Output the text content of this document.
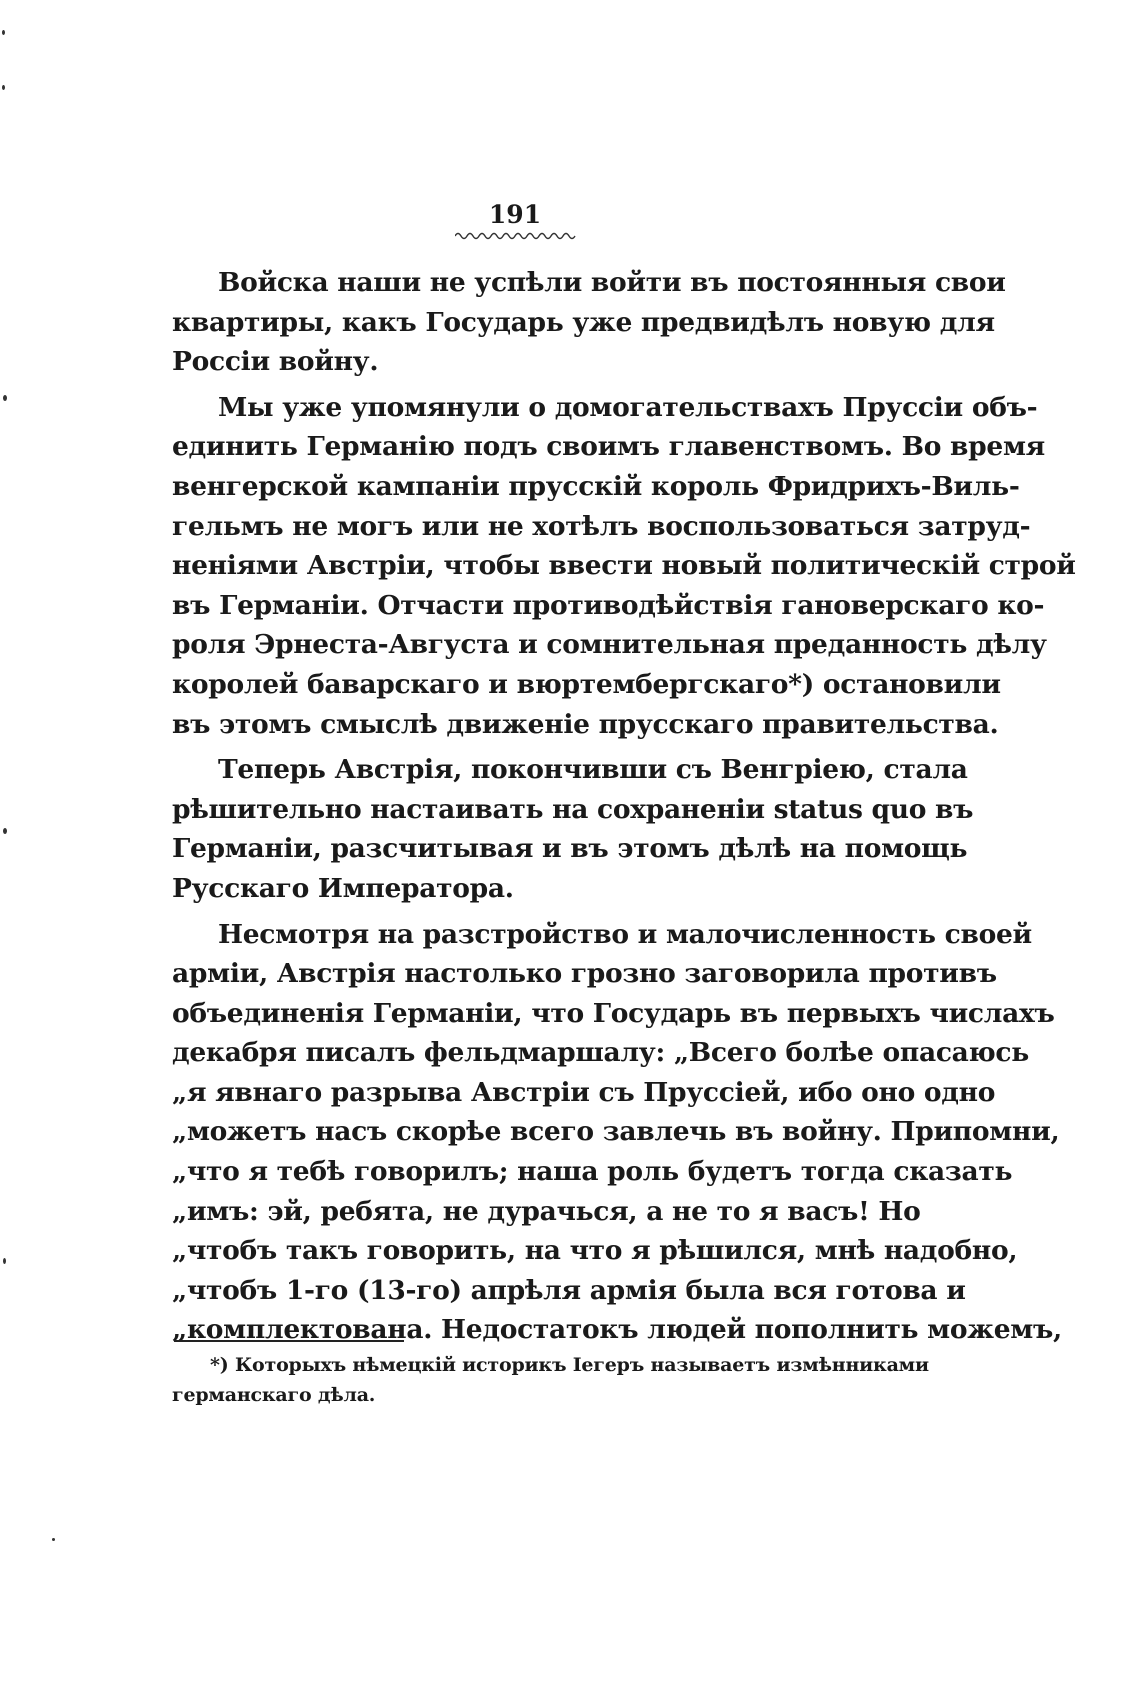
191

Войска наши не успѣли войти въ постоянныя свои
квартиры, какъ Государь уже предвидѣлъ новую для
Россіи войну.

Мы уже упомянули о домогательствахъ Пруссіи объ-
единить Германію подъ своимъ главенствомъ. Во время
венгерской кампаніи прусскій король Фридрихъ-Виль-
гельмъ не могъ или не хотѣлъ воспользоваться затруд-
неніями Австріи, чтобы ввести новый политическій строй
въ Германіи. Отчасти противодѣйствія гановерскаго ко-
роля Эрнеста-Августа и сомнительная преданность дѣлу
королей баварскаго и вюртембергскаго*) остановили
въ этомъ смыслѣ движеніе прусскаго правительства.

Теперь Австрія, покончивши съ Венгріею, стала
рѣшительно настаивать на сохраненіи status quo въ
Германіи, разсчитывая и въ этомъ дѣлѣ на помощь
Русскаго Императора.

Несмотря на разстройство и малочисленность своей
арміи, Австрія настолько грозно заговорила противъ
объединенія Германіи, что Государь въ первыхъ числахъ
декабря писалъ фельдмаршалу: „Всего болѣе опасаюсь
„я явнаго разрыва Австріи съ Пруссіей, ибо оно одно
„можетъ насъ скорѣе всего завлечь въ войну. Припомни,
„что я тебѣ говорилъ; наша роль будетъ тогда сказать
„имъ: эй, ребята, не дурачься, а не то я васъ! Но
„чтобъ такъ говорить, на что я рѣшился, мнѣ надобно,
„чтобъ 1-го (13-го) апрѣля армія была вся готова и
„комплектована. Недостатокъ людей пополнить можемъ,

*) Которыхъ нѣмецкій историкъ Іегеръ называетъ измѣнниками
германскаго дѣла.
